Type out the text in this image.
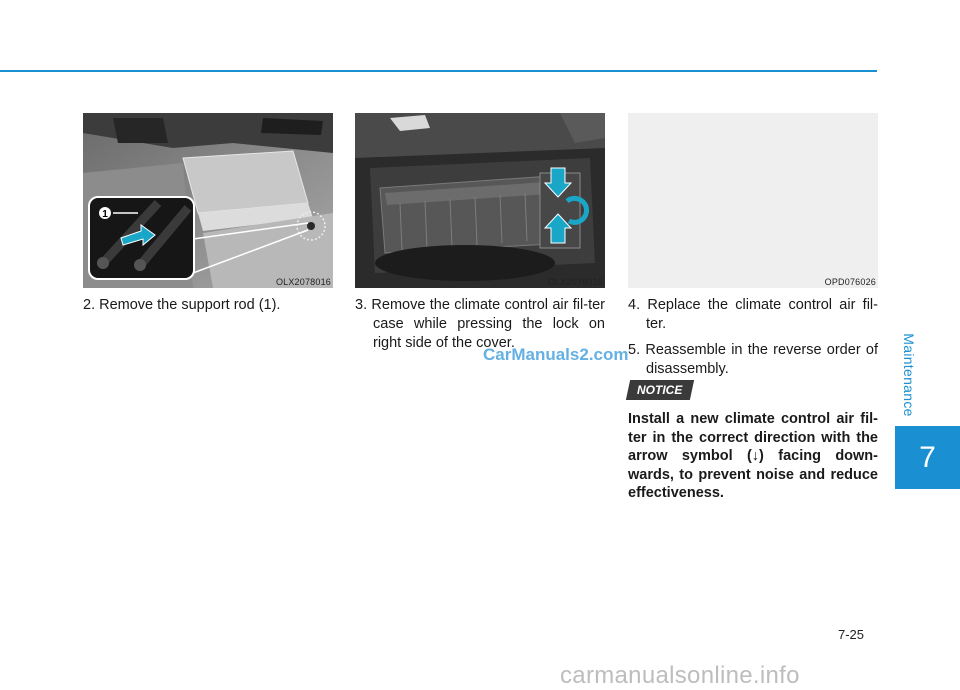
Maintenance
7
1
OLX2078016	OLX2078015	OPD076026

2. Remove the support rod (1).	3. Remove the climate control air fil-ter case while pressing the lock on right side of the cover.

4. Replace the climate control air fil-ter.

5. Reassemble in the reverse order of disassembly.

NOTICE
Install a new climate control air fil-ter in the correct direction with the arrow symbol (↓) facing down-wards, to prevent noise and reduce effectiveness.
CarManuals2.com
7-25
carmanualsonline.info
